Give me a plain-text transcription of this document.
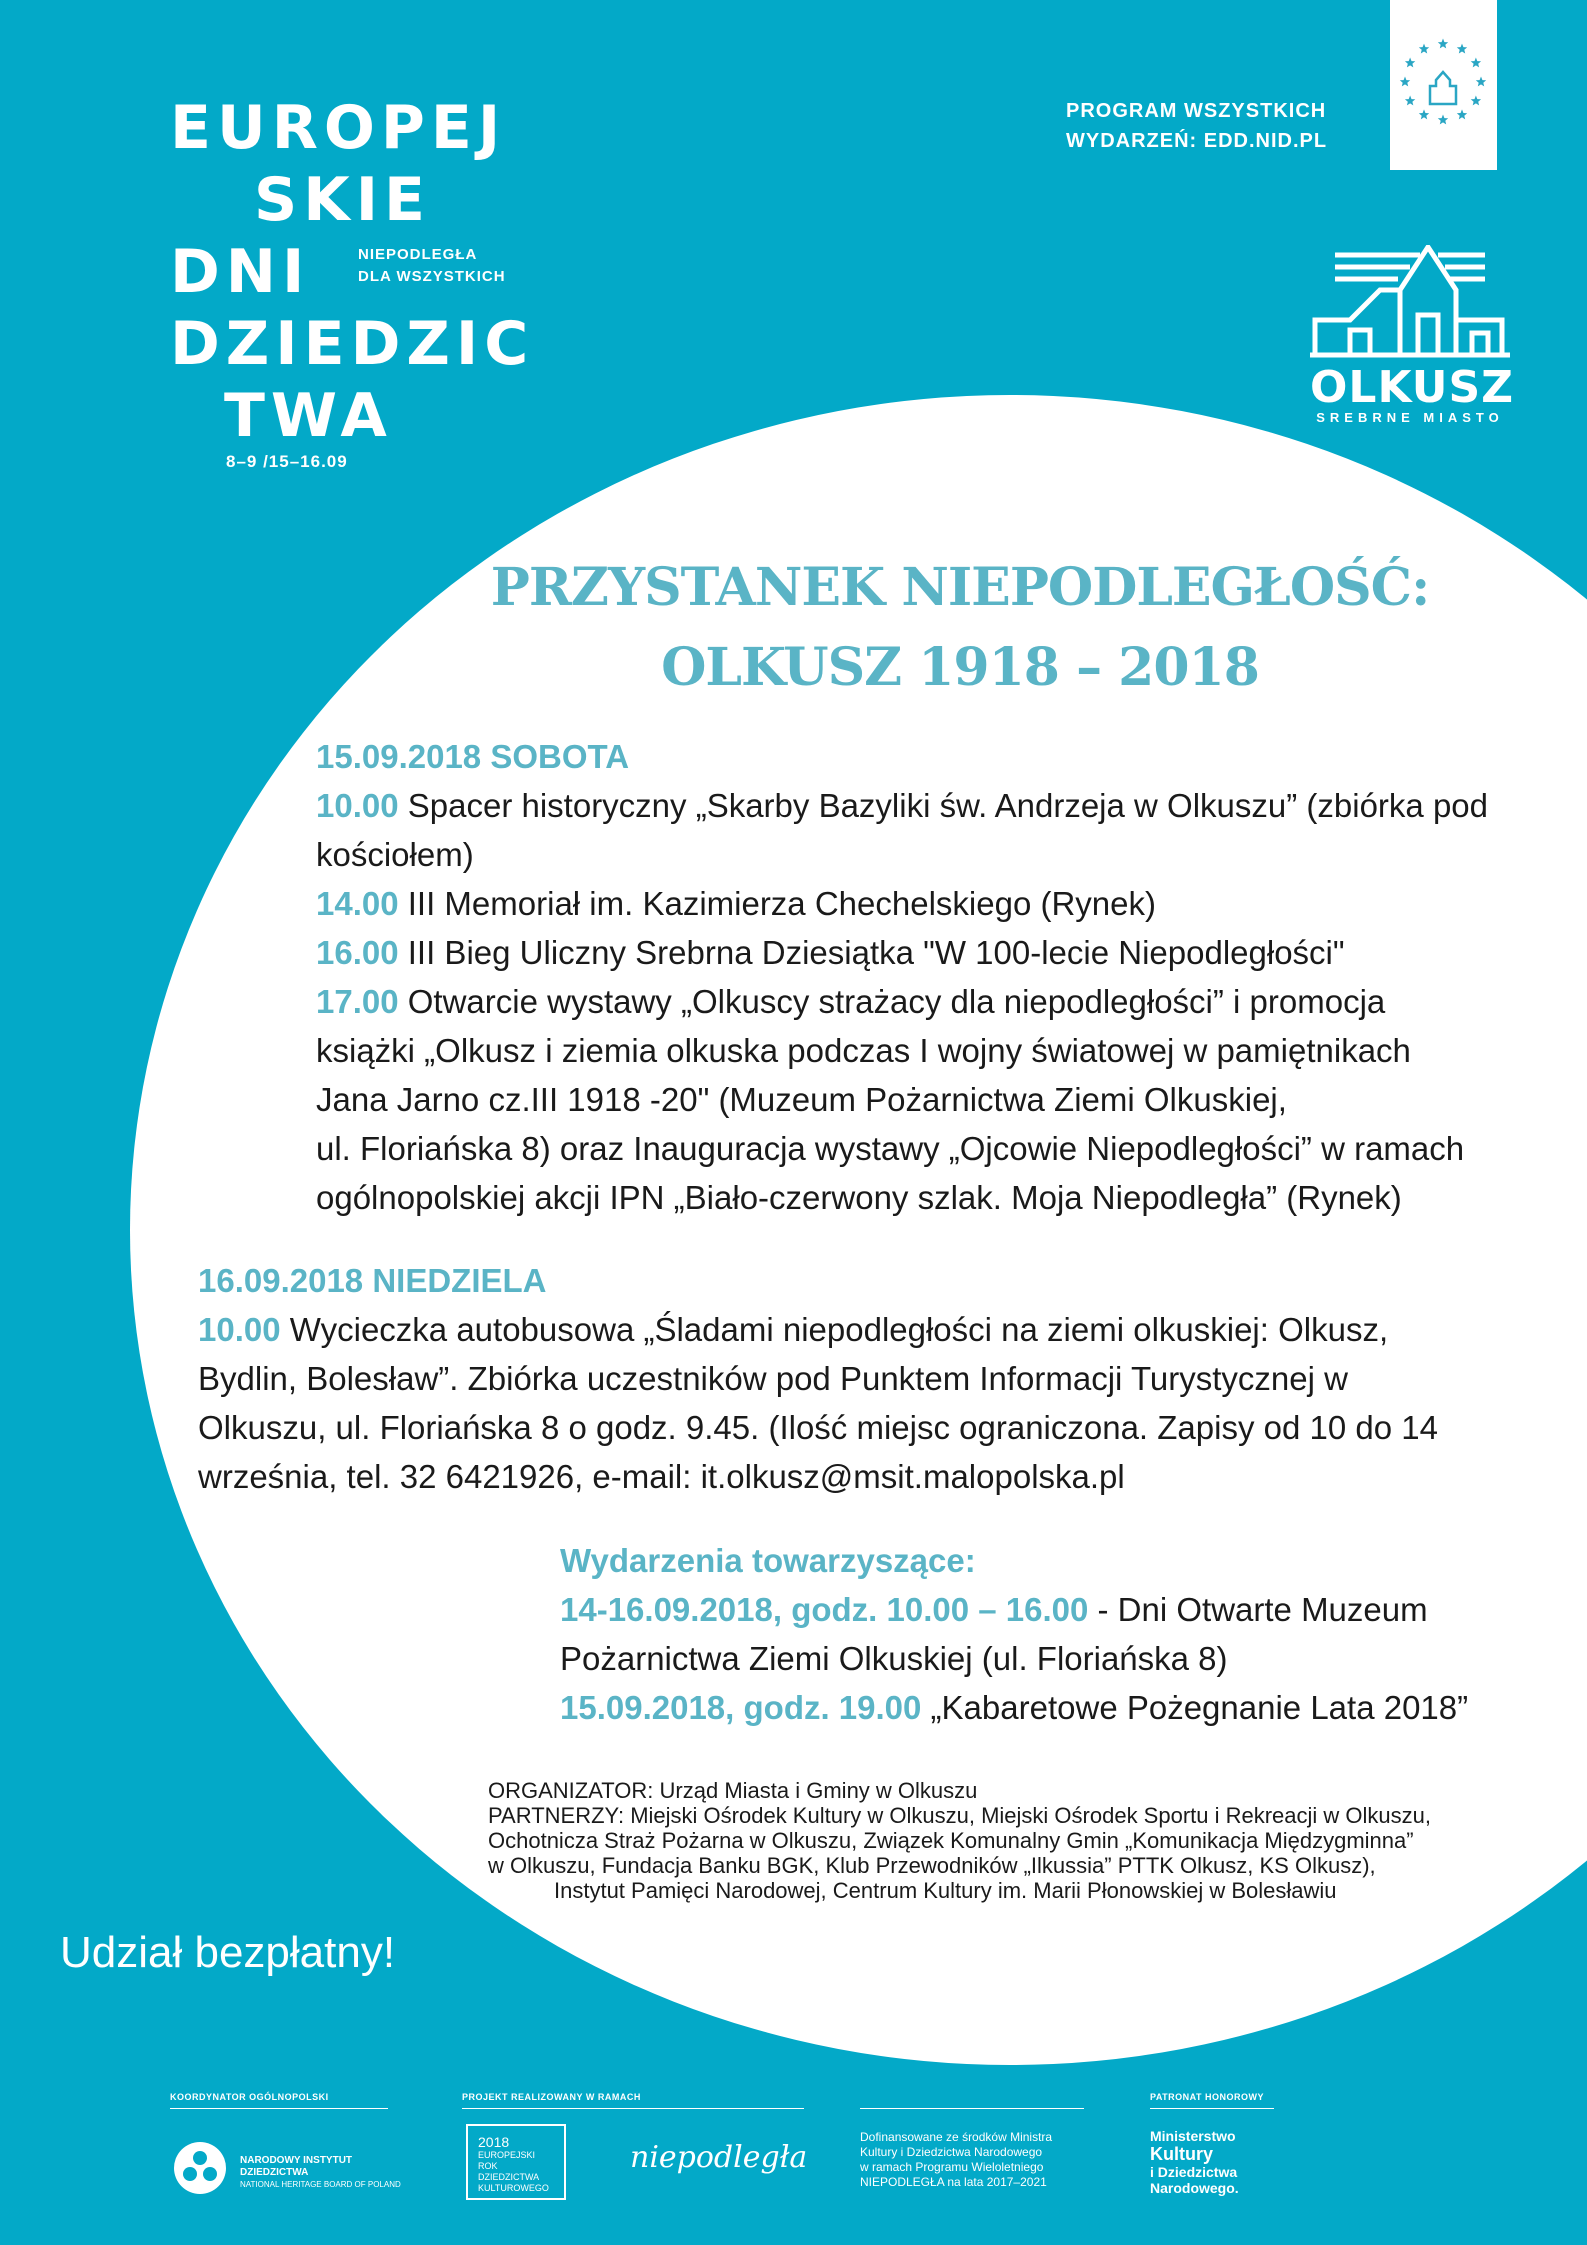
EUROPEJ
SKIE
DNI
DZIEDZIC
TWA
NIEPODLEGŁA
DLA WSZYSTKICH
8–9 /15–16.09
PROGRAM WSZYSTKICH
WYDARZEŃ: EDD.NID.PL
OLKUSZ
SREBRNE MIASTO
PRZYSTANEK NIEPODLEGŁOŚĆ:
OLKUSZ 1918 – 2018
15.09.2018 SOBOTA
10.00 Spacer historyczny „Skarby Bazyliki św. Andrzeja w Olkuszu” (zbiórka pod kościołem)
14.00 III Memoriał im. Kazimierza Chechelskiego (Rynek)
16.00 III Bieg Uliczny Srebrna Dziesiątka "W 100-lecie Niepodległości"
17.00 Otwarcie wystawy „Olkuscy strażacy dla niepodległości” i promocja książki „Olkusz i ziemia olkuska podczas I wojny światowej w pamiętnikach Jana Jarno cz.III 1918 -20" (Muzeum Pożarnictwa Ziemi Olkuskiej,
ul. Floriańska 8) oraz Inauguracja wystawy „Ojcowie Niepodległości” w ramach ogólnopolskiej akcji IPN „Biało-czerwony szlak. Moja Niepodległa” (Rynek)
16.09.2018 NIEDZIELA
10.00 Wycieczka autobusowa „Śladami niepodległości na ziemi olkuskiej: Olkusz, Bydlin, Bolesław”. Zbiórka uczestników pod Punktem Informacji Turystycznej w Olkuszu, ul. Floriańska 8 o godz. 9.45. (Ilość miejsc ograniczona. Zapisy od 10 do 14 września, tel. 32 6421926, e-mail: it.olkusz@msit.malopolska.pl
Wydarzenia towarzyszące:
14-16.09.2018, godz. 10.00 – 16.00 - Dni Otwarte Muzeum Pożarnictwa Ziemi Olkuskiej (ul. Floriańska 8)
15.09.2018, godz. 19.00 „Kabaretowe Pożegnanie Lata 2018”
ORGANIZATOR: Urząd Miasta i Gminy w Olkuszu
PARTNERZY: Miejski Ośrodek Kultury w Olkuszu, Miejski Ośrodek Sportu i Rekreacji w Olkuszu,
Ochotnicza Straż Pożarna w Olkuszu, Związek Komunalny Gmin „Komunikacja Międzygminna”
w Olkuszu, Fundacja Banku BGK, Klub Przewodników „Ilkussia” PTTK Olkusz, KS Olkusz),
Instytut Pamięci Narodowej, Centrum Kultury im. Marii Płonowskiej w Bolesławiu
Udział bezpłatny!
KOORDYNATOR OGÓLNOPOLSKI
NARODOWY INSTYTUT
DZIEDZICTWA
NATIONAL HERITAGE BOARD OF POLAND
PROJEKT REALIZOWANY W RAMACH
2018
EUROPEJSKI ROK
DZIEDZICTWA
KULTUROWEGO
niepodległa
Dofinansowane ze środków Ministra
Kultury i Dziedzictwa Narodowego
w ramach Programu Wieloletniego
NIEPODLEGŁA na lata 2017–2021
PATRONAT HONOROWY
Ministerstwo
Kultury
i Dziedzictwa
Narodowego.
